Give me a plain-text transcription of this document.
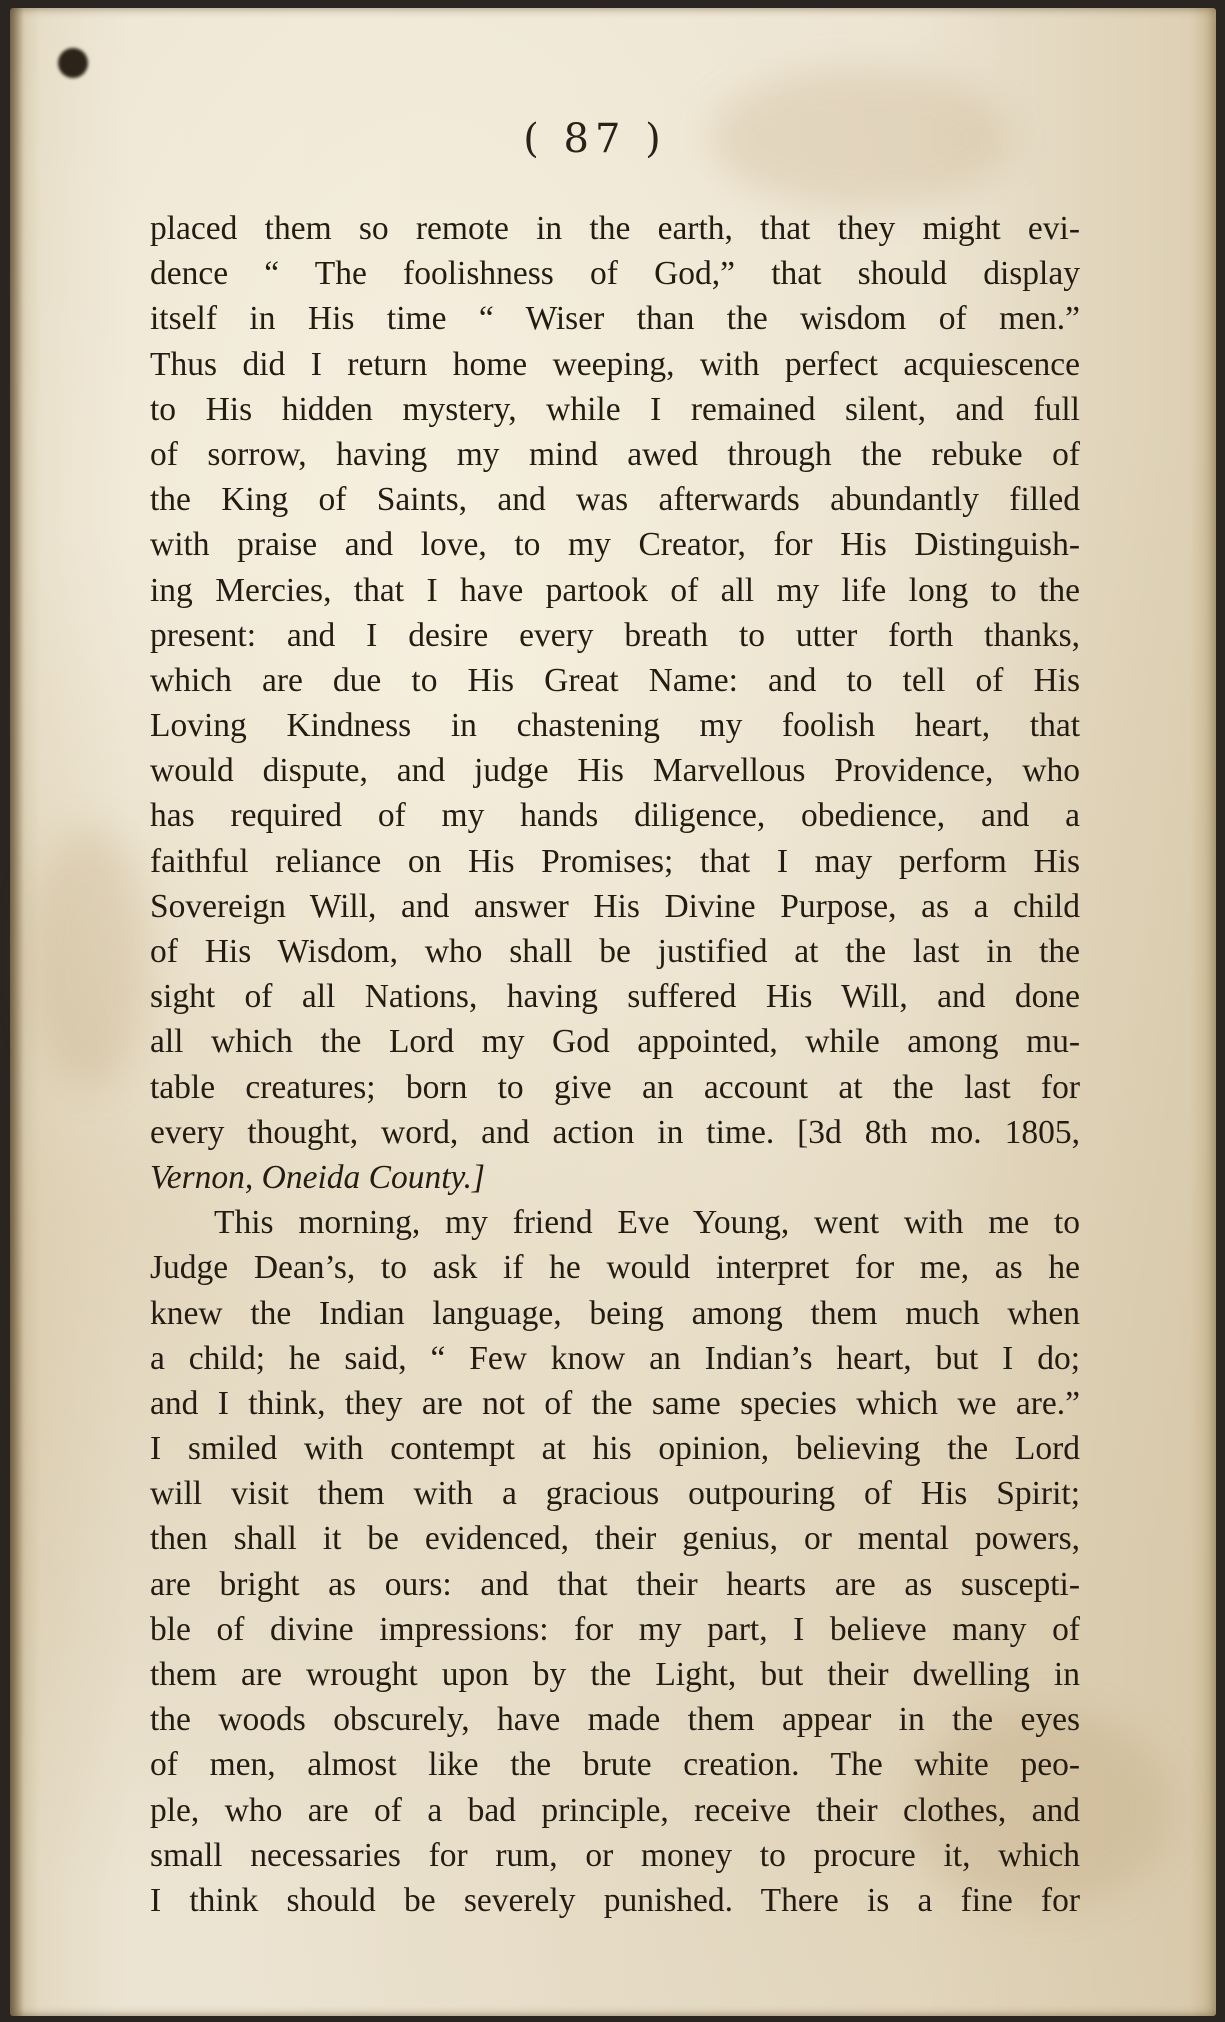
( 87 )
placed them so remote in the earth, that they might evi-
dence “ The foolishness of God,” that should display
itself in His time “ Wiser than the wisdom of men.”
Thus did I return home weeping, with perfect acquiescence
to His hidden mystery, while I remained silent, and full
of sorrow, having my mind awed through the rebuke of
the King of Saints, and was afterwards abundantly filled
with praise and love, to my Creator, for His Distinguish-
ing Mercies, that I have partook of all my life long to the
present: and I desire every breath to utter forth thanks,
which are due to His Great Name: and to tell of His
Loving Kindness in chastening my foolish heart, that
would dispute, and judge His Marvellous Providence, who
has required of my hands diligence, obedience, and a
faithful reliance on His Promises; that I may perform His
Sovereign Will, and answer His Divine Purpose, as a child
of His Wisdom, who shall be justified at the last in the
sight of all Nations, having suffered His Will, and done
all which the Lord my God appointed, while among mu-
table creatures; born to give an account at the last for
every thought, word, and action in time. [3d 8th mo. 1805,
Vernon, Oneida County.]
This morning, my friend Eve Young, went with me to
Judge Dean’s, to ask if he would interpret for me, as he
knew the Indian language, being among them much when
a child; he said, “ Few know an Indian’s heart, but I do;
and I think, they are not of the same species which we are.”
I smiled with contempt at his opinion, believing the Lord
will visit them with a gracious outpouring of His Spirit;
then shall it be evidenced, their genius, or mental powers,
are bright as ours: and that their hearts are as suscepti-
ble of divine impressions: for my part, I believe many of
them are wrought upon by the Light, but their dwelling in
the woods obscurely, have made them appear in the eyes
of men, almost like the brute creation. The white peo-
ple, who are of a bad principle, receive their clothes, and
small necessaries for rum, or money to procure it, which
I think should be severely punished. There is a fine for
